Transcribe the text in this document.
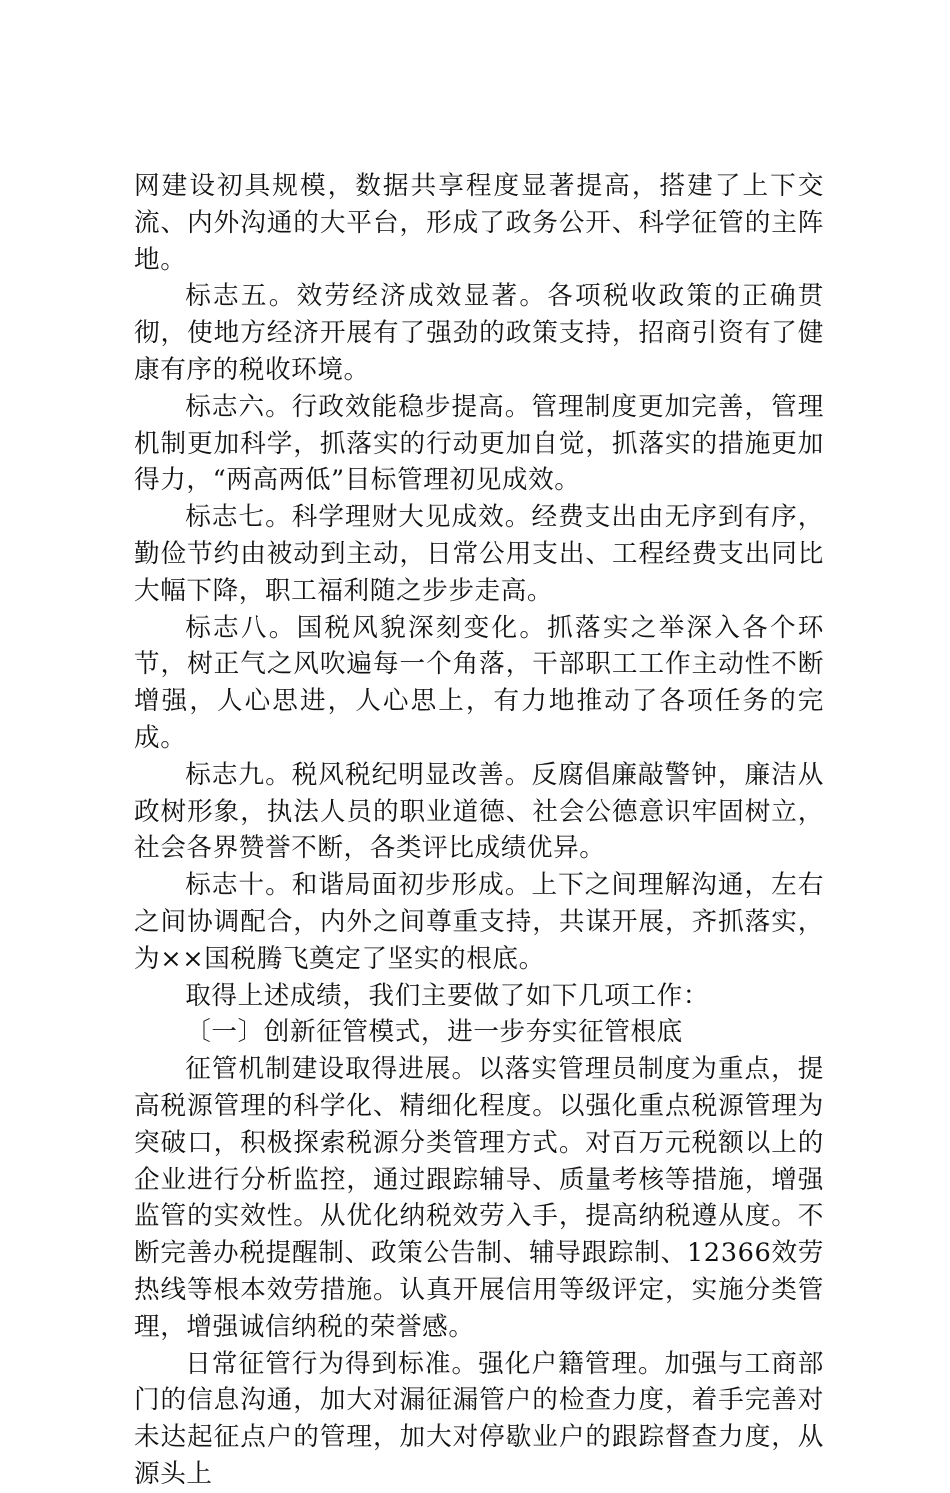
网建设初具规模，数据共享程度显著提高，搭建了上下交流、内外沟通的大平台，形成了政务公开、科学征管的主阵地。

标志五。效劳经济成效显著。各项税收政策的正确贯彻，使地方经济开展有了强劲的政策支持，招商引资有了健康有序的税收环境。

标志六。行政效能稳步提高。管理制度更加完善，管理机制更加科学，抓落实的行动更加自觉，抓落实的措施更加得力，“两高两低”目标管理初见成效。

标志七。科学理财大见成效。经费支出由无序到有序，勤俭节约由被动到主动，日常公用支出、工程经费支出同比大幅下降，职工福利随之步步走高。

标志八。国税风貌深刻变化。抓落实之举深入各个环节，树正气之风吹遍每一个角落，干部职工工作主动性不断增强，人心思进，人心思上，有力地推动了各项任务的完成。

标志九。税风税纪明显改善。反腐倡廉敲警钟，廉洁从政树形象，执法人员的职业道德、社会公德意识牢固树立，社会各界赞誉不断，各类评比成绩优异。

标志十。和谐局面初步形成。上下之间理解沟通，左右之间协调配合，内外之间尊重支持，共谋开展，齐抓落实，为××国税腾飞奠定了坚实的根底。

取得上述成绩，我们主要做了如下几项工作：

〔一〕创新征管模式，进一步夯实征管根底

征管机制建设取得进展。以落实管理员制度为重点，提高税源管理的科学化、精细化程度。以强化重点税源管理为突破口，积极探索税源分类管理方式。对百万元税额以上的企业进行分析监控，通过跟踪辅导、质量考核等措施，增强监管的实效性。从优化纳税效劳入手，提高纳税遵从度。不断完善办税提醒制、政策公告制、辅导跟踪制、12366效劳热线等根本效劳措施。认真开展信用等级评定，实施分类管理，增强诚信纳税的荣誉感。

日常征管行为得到标准。强化户籍管理。加强与工商部门的信息沟通，加大对漏征漏管户的检查力度，着手完善对未达起征点户的管理，加大对停歇业户的跟踪督查力度，从源头上
